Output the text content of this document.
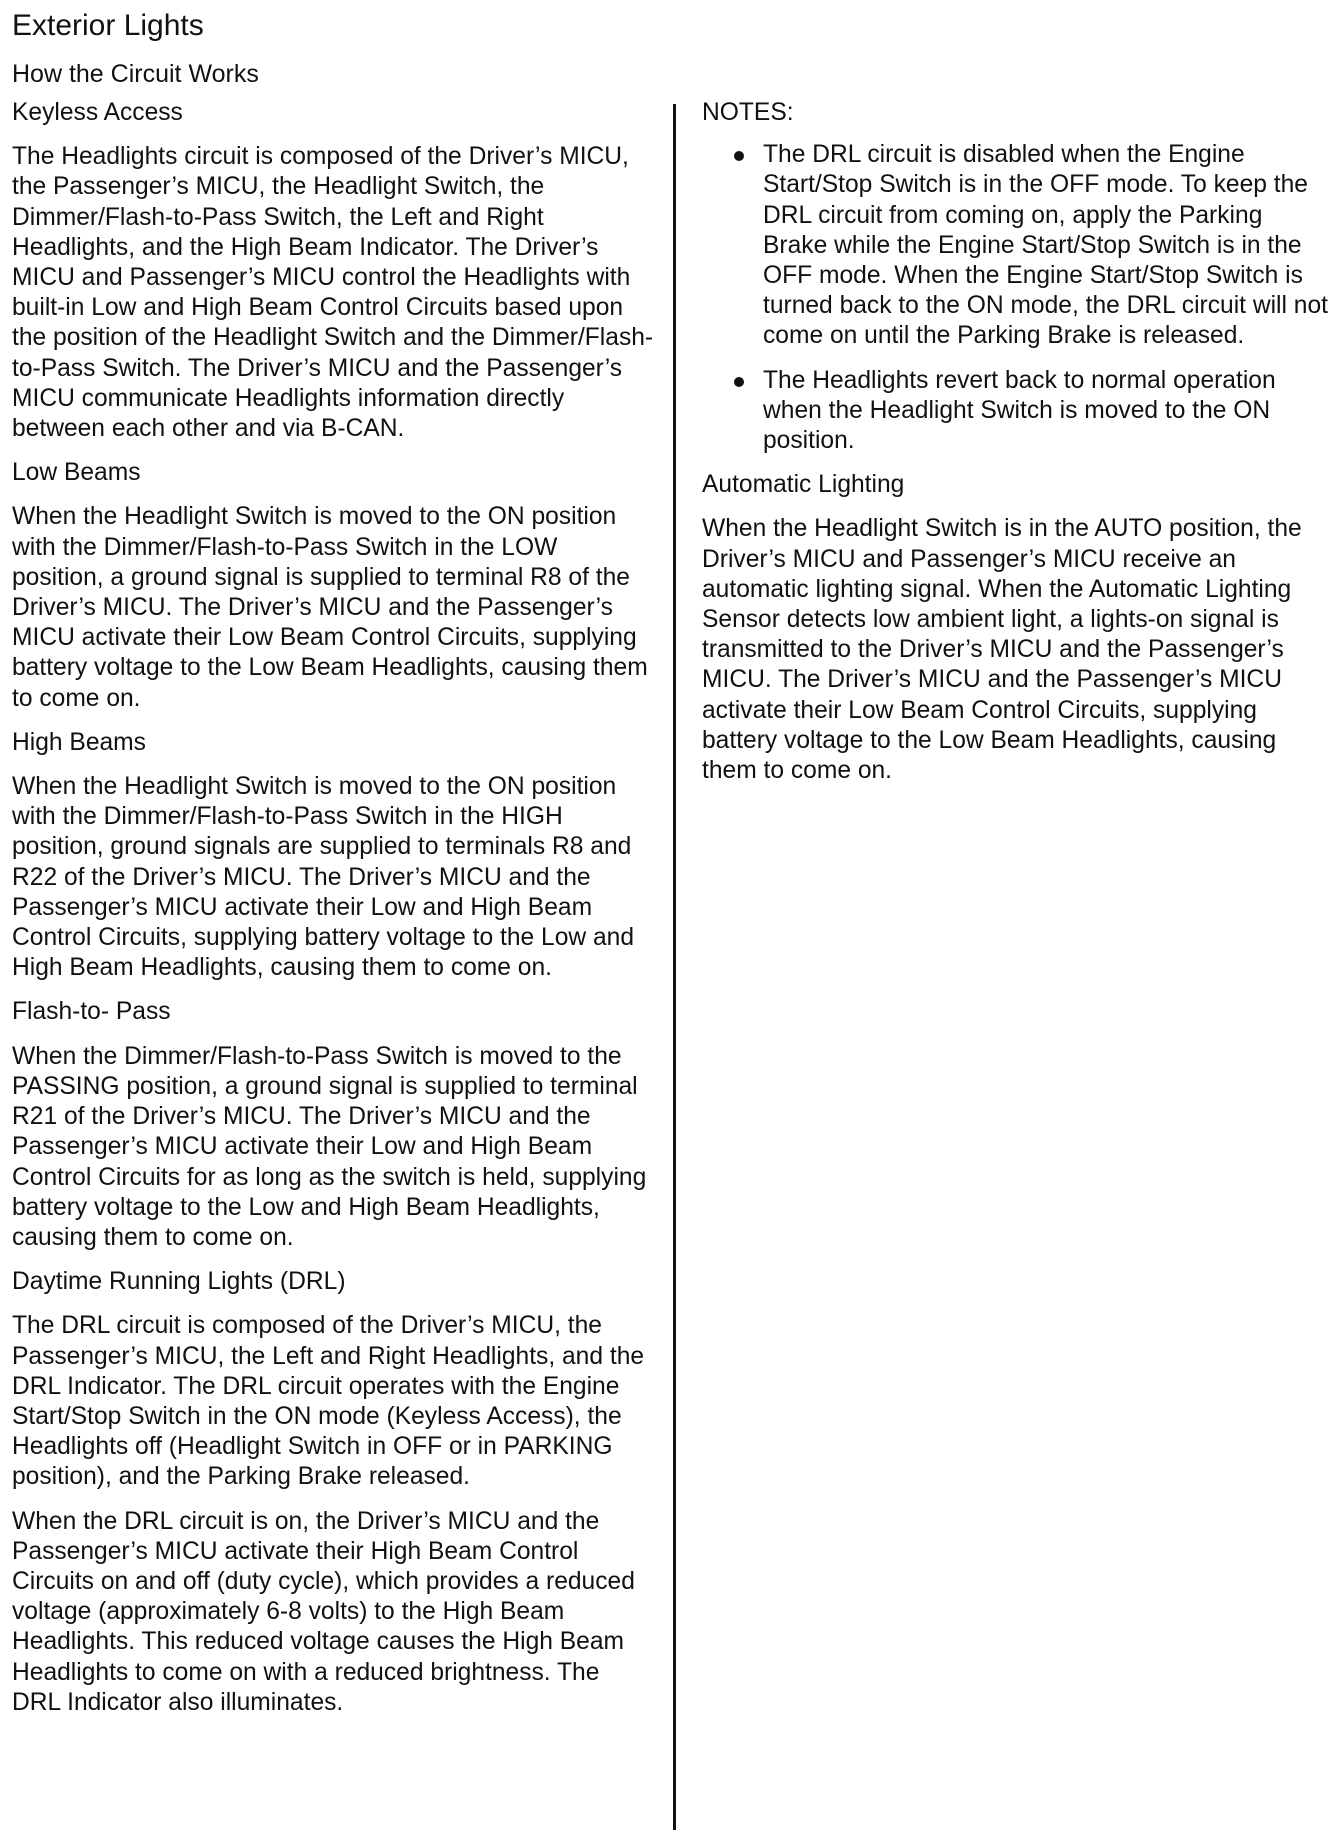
Exterior Lights
How the Circuit Works
Keyless Access

The Headlights circuit is composed of the Driver’s MICU, the Passenger’s MICU, the Headlight Switch, the Dimmer/Flash-to-Pass Switch, the Left and Right Headlights, and the High Beam Indicator. The Driver’s MICU and Passenger’s MICU control the Headlights with built-in Low and High Beam Control Circuits based upon the position of the Headlight Switch and the Dimmer/Flash-to-Pass Switch. The Driver’s MICU and the Passenger’s MICU communicate Headlights information directly between each other and via B-CAN.

Low Beams

When the Headlight Switch is moved to the ON position with the Dimmer/Flash-to-Pass Switch in the LOW position, a ground signal is supplied to terminal R8 of the Driver’s MICU. The Driver’s MICU and the Passenger’s MICU activate their Low Beam Control Circuits, supplying battery voltage to the Low Beam Headlights, causing them to come on.

High Beams

When the Headlight Switch is moved to the ON position with the Dimmer/Flash-to-Pass Switch in the HIGH position, ground signals are supplied to terminals R8 and R22 of the Driver’s MICU. The Driver’s MICU and the Passenger’s MICU activate their Low and High Beam Control Circuits, supplying battery voltage to the Low and High Beam Headlights, causing them to come on.

Flash-to- Pass

When the Dimmer/Flash-to-Pass Switch is moved to the PASSING position, a ground signal is supplied to terminal R21 of the Driver’s MICU. The Driver’s MICU and the Passenger’s MICU activate their Low and High Beam Control Circuits for as long as the switch is held, supplying battery voltage to the Low and High Beam Headlights, causing them to come on.

Daytime Running Lights (DRL)

The DRL circuit is composed of the Driver’s MICU, the Passenger’s MICU, the Left and Right Headlights, and the DRL Indicator. The DRL circuit operates with the Engine Start/Stop Switch in the ON mode (Keyless Access), the Headlights off (Headlight Switch in OFF or in PARKING position), and the Parking Brake released.

When the DRL circuit is on, the Driver’s MICU and the Passenger’s MICU activate their High Beam Control Circuits on and off (duty cycle), which provides a reduced voltage (approximately 6-8 volts) to the High Beam Headlights. This reduced voltage causes the High Beam Headlights to come on with a reduced brightness. The DRL Indicator also illuminates.

NOTES:

The DRL circuit is disabled when the Engine Start/Stop Switch is in the OFF mode. To keep the DRL circuit from coming on, apply the Parking Brake while the Engine Start/Stop Switch is in the OFF mode. When the Engine Start/Stop Switch is turned back to the ON mode, the DRL circuit will not come on until the Parking Brake is released.
The Headlights revert back to normal operation when the Headlight Switch is moved to the ON position.
Automatic Lighting

When the Headlight Switch is in the AUTO position, the Driver’s MICU and Passenger’s MICU receive an automatic lighting signal. When the Automatic Lighting Sensor detects low ambient light, a lights-on signal is transmitted to the Driver’s MICU and the Passenger’s MICU. The Driver’s MICU and the Passenger’s MICU activate their Low Beam Control Circuits, supplying battery voltage to the Low Beam Headlights, causing them to come on.
